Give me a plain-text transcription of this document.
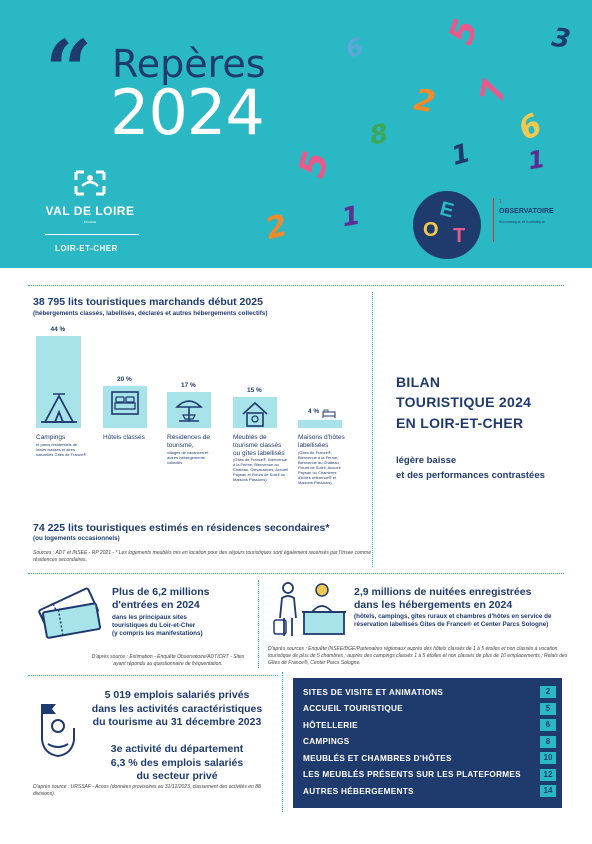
“ Repères
2024
6 5 3
2
8	6
1
5	1
2 1
7
VAL DE LOIRE
FRANCE
LOIR-ET-CHER
O
E
T
1
OBSERVATOIRE
économique et touristique
38 795 lits touristiques marchands début 2025
(hébergements classés, labellisés, déclarés et autres hébergements collectifs)
44 %
Campings
et parcs résidentiels de loisirs classés et aires naturelles Gîtes de France®
20 %
Hôtels classés
17 %
Résidences de tourisme,
villages de vacances et autres hébergements collectifs
15 %
Meublés de tourisme classés ou gîtes labellisés
(Gîtes de France®, Bienvenue à la Ferme, Bienvenue au Château, Clévacances, Accueil Paysan et Fleurs de Soleil ou Maisons Passions)
4 %
Maisons d'hôtes labellisées
(Gîtes de France®, Bienvenue à la Ferme, Bienvenue au Château, Fleurs de Soleil, Accueil Paysan ou Chambres d'hôtes référence® et Maisons Passions)
74 225 lits touristiques estimés en résidences secondaires*
(ou logements occasionnels)
Sources : ADT et INSEE - RP 2021 - * Les logements meublés mis en location pour des séjours touristiques sont également recensés par l'Insee comme résidences secondaires.
BILAN
TOURISTIQUE 2024
EN LOIR-ET-CHER
légère baisse
et des performances contrastées
Plus de 6,2 millions
d'entrées en 2024
dans les principaux sites
touristiques du Loir-et-Cher
(y compris les manifestations)
D'après source : Estimation - Enquête Observatoire/ADT/CRT - Sites ayant répondu au questionnaire de fréquentation.
2,9 millions de nuitées enregistrées
dans les hébergements en 2024
(hôtels, campings, gîtes ruraux et chambres d'hôtes en service de réservation labellisés Gîtes de France® et Center Parcs Sologne)
D'après sources : Enquête INSEE/DGE/Partenaires régionaux auprès des hôtels classés de 1 à 5 étoiles et non classés à vocation touristique de plus de 5 chambres ; auprès des campings classés 1 à 5 étoiles et non classés de plus de 10 emplacements ; Relais des Gîtes de France®, Center Parcs Sologne.
5 019 emplois salariés privés
dans les activités caractéristiques
du tourisme au 31 décembre 2023
3e activité du département
6,3 % des emplois salariés
du secteur privé
D'après source : URSSAF - Acoss (données provisoires au 31/12/2023, classement des activités en 88 divisions).
SITES DE VISITE ET ANIMATIONS	2
ACCUEIL TOURISTIQUE	5
HÔTELLERIE	6
CAMPINGS	8
MEUBLÉS ET CHAMBRES D'HÔTES	10
LES MEUBLÉS PRÉSENTS SUR LES PLATEFORMES	12
AUTRES HÉBERGEMENTS	14
